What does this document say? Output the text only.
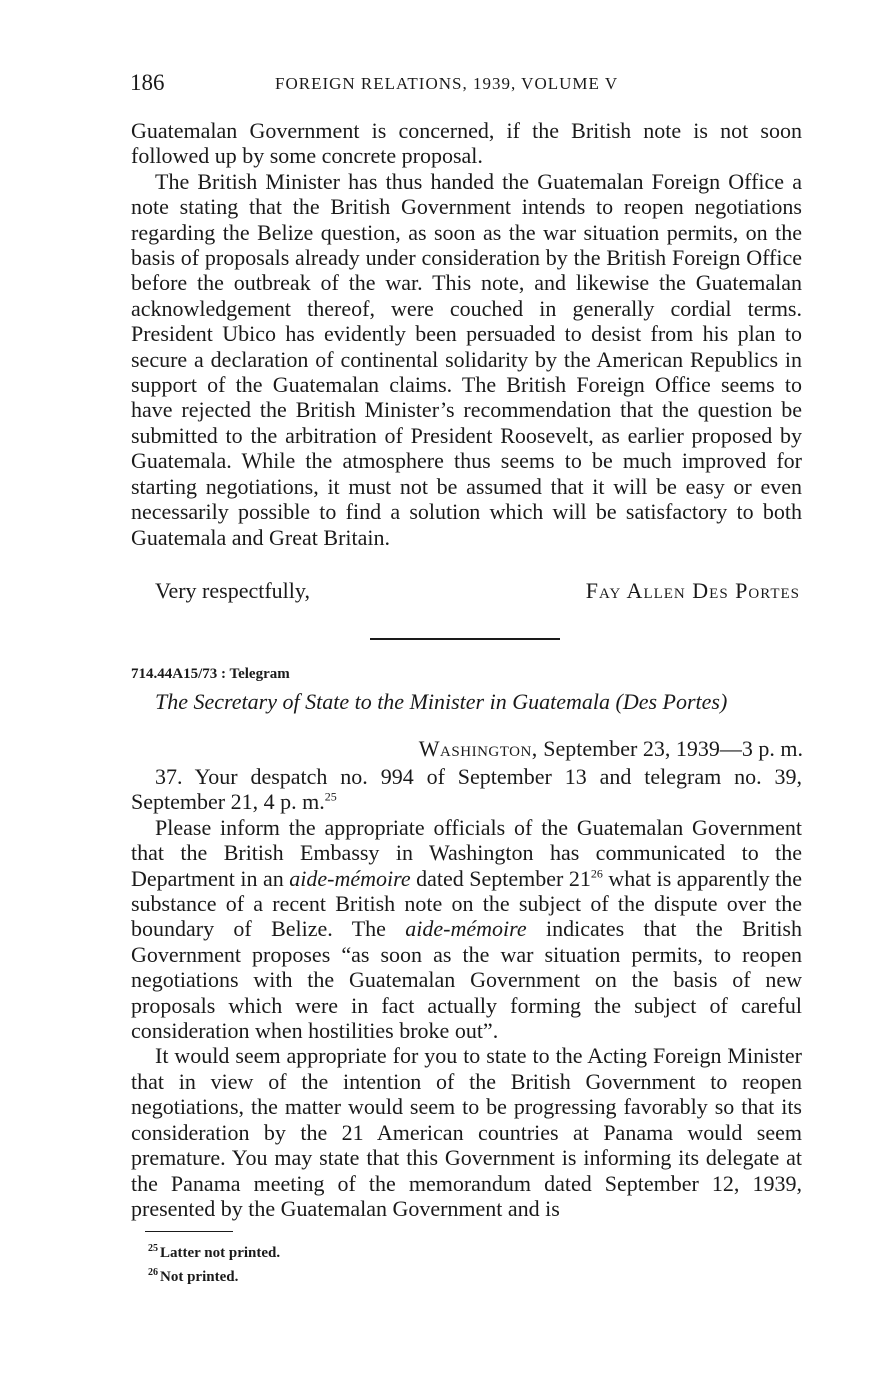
186	FOREIGN RELATIONS, 1939, VOLUME V

Guatemalan Government is concerned, if the British note is not soon followed up by some concrete proposal.

The British Minister has thus handed the Guatemalan Foreign Office a note stating that the British Government intends to reopen negotiations regarding the Belize question, as soon as the war situation permits, on the basis of proposals already under consideration by the British Foreign Office before the outbreak of the war. This note, and likewise the Guatemalan acknowledgement thereof, were couched in generally cordial terms. President Ubico has evidently been persuaded to desist from his plan to secure a declaration of continental solidarity by the American Republics in support of the Guatemalan claims. The British Foreign Office seems to have rejected the British Minister’s recommendation that the question be submitted to the arbitration of President Roosevelt, as earlier proposed by Guatemala. While the atmosphere thus seems to be much improved for starting negotiations, it must not be assumed that it will be easy or even necessarily possible to find a solution which will be satisfactory to both Guatemala and Great Britain.

Very respectfully,	Fay Allen Des Portes
714.44A15/73 : Telegram
The Secretary of State to the Minister in Guatemala (Des Portes)
Washington, September 23, 1939—3 p. m.

37. Your despatch no. 994 of September 13 and telegram no. 39, September 21, 4 p. m.$^{25}$

Please inform the appropriate officials of the Guatemalan Government that the British Embassy in Washington has communicated to the Department in an aide-mémoire dated September $21^{26}$ what is apparently the substance of a recent British note on the subject of the dispute over the boundary of Belize. The aide-mémoire indicates that the British Government proposes “as soon as the war situation permits, to reopen negotiations with the Guatemalan Government on the basis of new proposals which were in fact actually forming the subject of careful consideration when hostilities broke out”.

It would seem appropriate for you to state to the Acting Foreign Minister that in view of the intention of the British Government to reopen negotiations, the matter would seem to be progressing favorably so that its consideration by the 21 American countries at Panama would seem premature. You may state that this Government is informing its delegate at the Panama meeting of the memorandum dated September 12, 1939, presented by the Guatemalan Government and is

$^{25}$ Latter not printed.
$^{26}$ Not printed.
